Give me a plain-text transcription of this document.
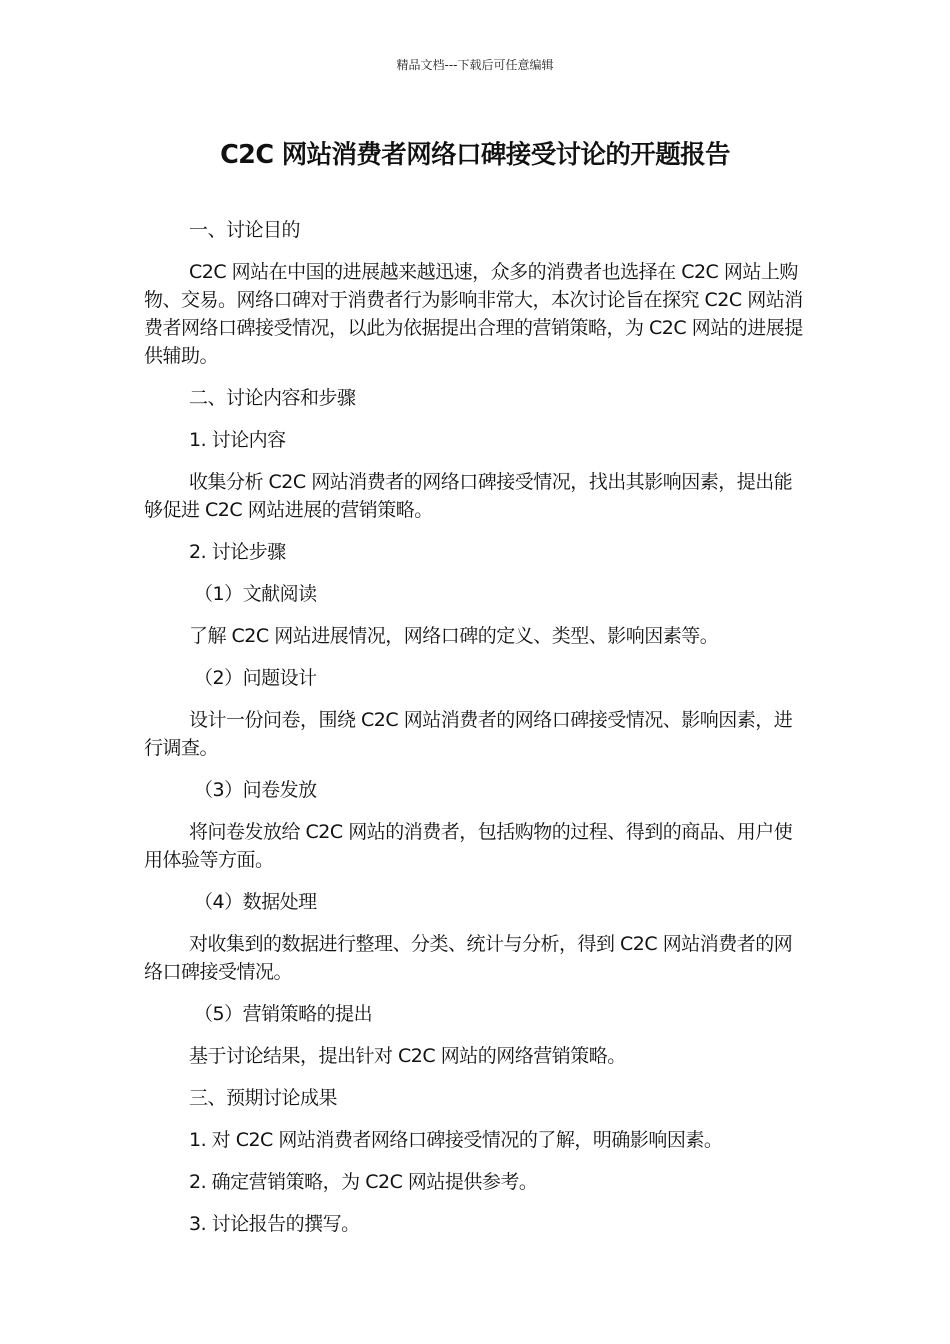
精品文档---下载后可任意编辑
C2C 网站消费者网络口碑接受讨论的开题报告

一、讨论目的

C2C 网站在中国的进展越来越迅速，众多的消费者也选择在 C2C 网站上购物、交易。网络口碑对于消费者行为影响非常大，本次讨论旨在探究 C2C 网站消费者网络口碑接受情况，以此为依据提出合理的营销策略，为 C2C 网站的进展提供辅助。

二、讨论内容和步骤

1. 讨论内容

收集分析 C2C 网站消费者的网络口碑接受情况，找出其影响因素，提出能够促进 C2C 网站进展的营销策略。

2. 讨论步骤

（1）文献阅读

了解 C2C 网站进展情况，网络口碑的定义、类型、影响因素等。

（2）问题设计

设计一份问卷，围绕 C2C 网站消费者的网络口碑接受情况、影响因素，进行调查。

（3）问卷发放

将问卷发放给 C2C 网站的消费者，包括购物的过程、得到的商品、用户使用体验等方面。

（4）数据处理

对收集到的数据进行整理、分类、统计与分析，得到 C2C 网站消费者的网络口碑接受情况。

（5）营销策略的提出

基于讨论结果，提出针对 C2C 网站的网络营销策略。

三、预期讨论成果

1. 对 C2C 网站消费者网络口碑接受情况的了解，明确影响因素。

2. 确定营销策略，为 C2C 网站提供参考。

3. 讨论报告的撰写。
